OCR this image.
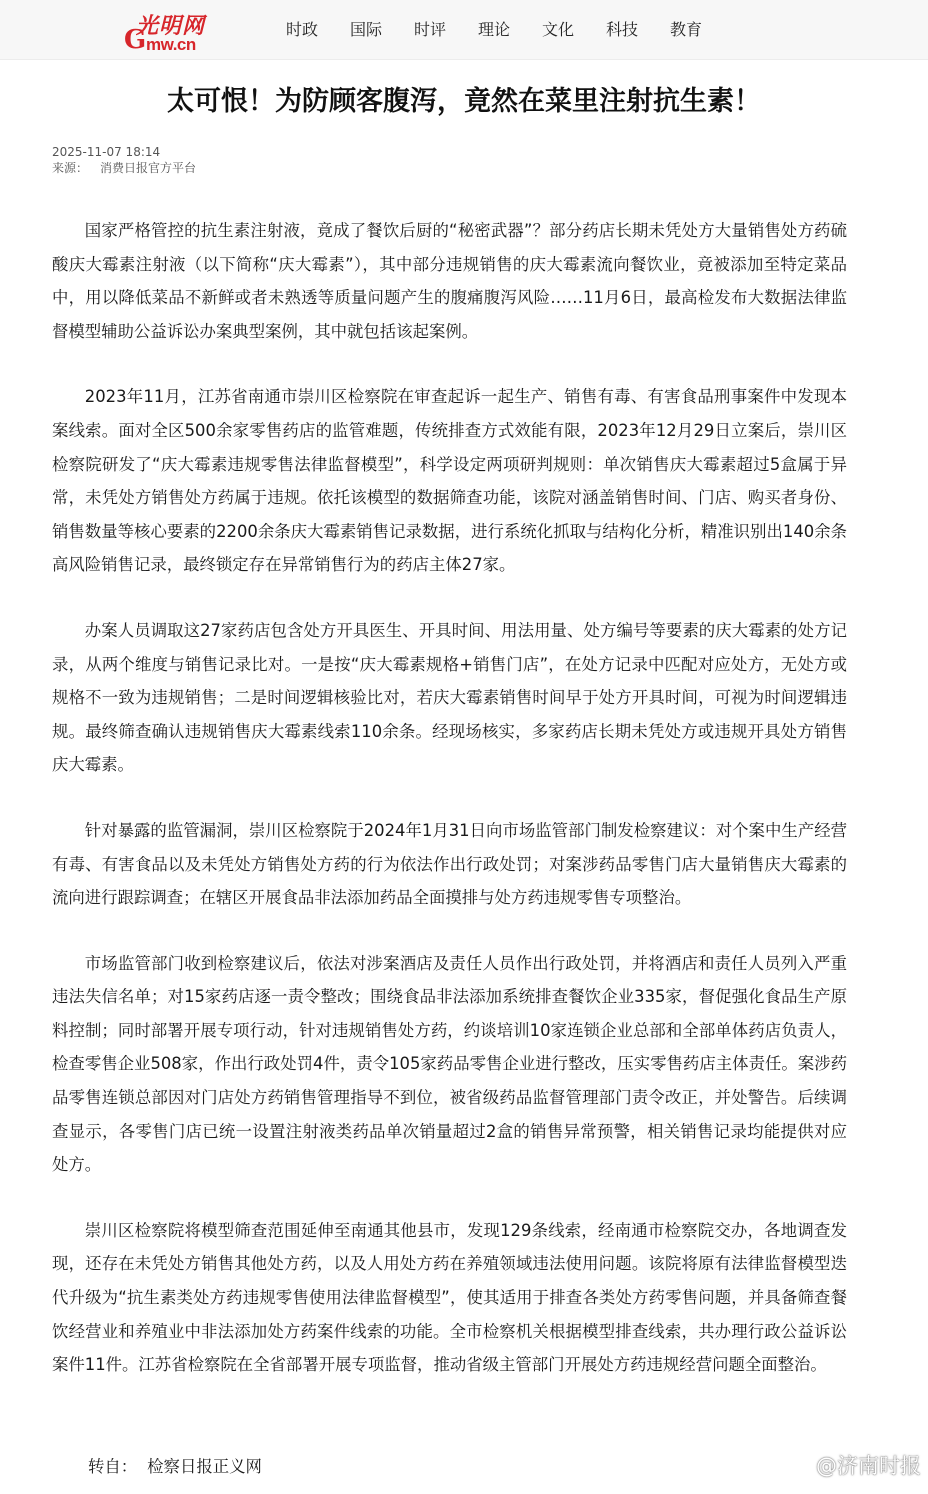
光明网
G mw.cn
时政	国际	时评	理论	文化	科技	教育
太可恨！为防顾客腹泻，竟然在菜里注射抗生素！
2025-11-07 18:14
来源： 消费日报官方平台

国家严格管控的抗生素注射液，竟成了餐饮后厨的“秘密武器”？部分药店长期未凭处方大量销售处方药硫酸庆大霉素注射液（以下简称“庆大霉素”），其中部分违规销售的庆大霉素流向餐饮业，竟被添加至特定菜品中，用以降低菜品不新鲜或者未熟透等质量问题产生的腹痛腹泻风险……11月6日，最高检发布大数据法律监督模型辅助公益诉讼办案典型案例，其中就包括该起案例。

2023年11月，江苏省南通市崇川区检察院在审查起诉一起生产、销售有毒、有害食品刑事案件中发现本案线索。面对全区500余家零售药店的监管难题，传统排查方式效能有限，2023年12月29日立案后，崇川区检察院研发了“庆大霉素违规零售法律监督模型”，科学设定两项研判规则：单次销售庆大霉素超过5盒属于异常，未凭处方销售处方药属于违规。依托该模型的数据筛查功能，该院对涵盖销售时间、门店、购买者身份、销售数量等核心要素的2200余条庆大霉素销售记录数据，进行系统化抓取与结构化分析，精准识别出140余条高风险销售记录，最终锁定存在异常销售行为的药店主体27家。

办案人员调取这27家药店包含处方开具医生、开具时间、用法用量、处方编号等要素的庆大霉素的处方记录，从两个维度与销售记录比对。一是按“庆大霉素规格+销售门店”，在处方记录中匹配对应处方，无处方或规格不一致为违规销售；二是时间逻辑核验比对，若庆大霉素销售时间早于处方开具时间，可视为时间逻辑违规。最终筛查确认违规销售庆大霉素线索110余条。经现场核实，多家药店长期未凭处方或违规开具处方销售庆大霉素。

针对暴露的监管漏洞，崇川区检察院于2024年1月31日向市场监管部门制发检察建议：对个案中生产经营有毒、有害食品以及未凭处方销售处方药的行为依法作出行政处罚；对案涉药品零售门店大量销售庆大霉素的流向进行跟踪调查；在辖区开展食品非法添加药品全面摸排与处方药违规零售专项整治。

市场监管部门收到检察建议后，依法对涉案酒店及责任人员作出行政处罚，并将酒店和责任人员列入严重违法失信名单；对15家药店逐一责令整改；围绕食品非法添加系统排查餐饮企业335家，督促强化食品生产原料控制；同时部署开展专项行动，针对违规销售处方药，约谈培训10家连锁企业总部和全部单体药店负责人，检查零售企业508家，作出行政处罚4件，责令105家药品零售企业进行整改，压实零售药店主体责任。案涉药品零售连锁总部因对门店处方药销售管理指导不到位，被省级药品监督管理部门责令改正，并处警告。后续调查显示，各零售门店已统一设置注射液类药品单次销量超过2盒的销售异常预警，相关销售记录均能提供对应处方。

崇川区检察院将模型筛查范围延伸至南通其他县市，发现129条线索，经南通市检察院交办，各地调查发现，还存在未凭处方销售其他处方药，以及人用处方药在养殖领域违法使用问题。该院将原有法律监督模型迭代升级为“抗生素类处方药违规零售使用法律监督模型”，使其适用于排查各类处方药零售问题，并具备筛查餐饮经营业和养殖业中非法添加处方药案件线索的功能。全市检察机关根据模型排查线索，共办理行政公益诉讼案件11件。江苏省检察院在全省部署开展专项监督，推动省级主管部门开展处方药违规经营问题全面整治。

转自： 检察日报正义网	@济南时报
